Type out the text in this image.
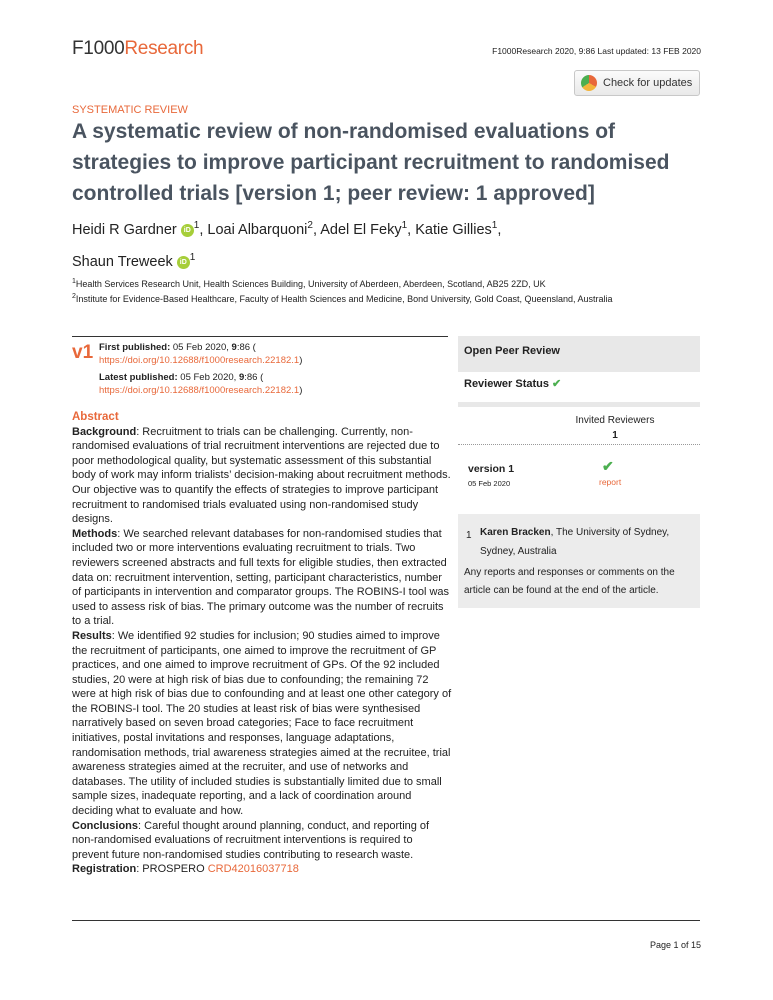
F1000Research	F1000Research 2020, 9:86 Last updated: 13 FEB 2020
Check for updates
SYSTEMATIC REVIEW
A systematic review of non-randomised evaluations of strategies to improve participant recruitment to randomised controlled trials [version 1; peer review: 1 approved]
Heidi R Gardner iD $^1$, Loai Albarquoni$^2$, Adel El Feky$^1$, Katie Gillies$^1$,
Shaun Treweek iD $^1$
$^1$Health Services Research Unit, Health Sciences Building, University of Aberdeen, Aberdeen, Scotland, AB25 2ZD, UK
$^2$Institute for Evidence-Based Healthcare, Faculty of Health Sciences and Medicine, Bond University, Gold Coast, Queensland, Australia
v1 First published: 05 Feb 2020, 9:86 (
https://doi.org/10.12688/f1000research.22182.1)
Latest published: 05 Feb 2020, 9:86 (
https://doi.org/10.12688/f1000research.22182.1)
Abstract

Background: Recruitment to trials can be challenging. Currently, non-randomised evaluations of trial recruitment interventions are rejected due to poor methodological quality, but systematic assessment of this substantial body of work may inform trialists’ decision-making about recruitment methods. Our objective was to quantify the effects of strategies to improve participant recruitment to randomised trials evaluated using non-randomised study designs.

Methods: We searched relevant databases for non-randomised studies that included two or more interventions evaluating recruitment to trials. Two reviewers screened abstracts and full texts for eligible studies, then extracted data on: recruitment intervention, setting, participant characteristics, number of participants in intervention and comparator groups. The ROBINS-I tool was used to assess risk of bias. The primary outcome was the number of recruits to a trial.

Results: We identified 92 studies for inclusion; 90 studies aimed to improve the recruitment of participants, one aimed to improve the recruitment of GP practices, and one aimed to improve recruitment of GPs. Of the 92 included studies, 20 were at high risk of bias due to confounding; the remaining 72 were at high risk of bias due to confounding and at least one other category of the ROBINS-I tool. The 20 studies at least risk of bias were synthesised narratively based on seven broad categories; Face to face recruitment initiatives, postal invitations and responses, language adaptations, randomisation methods, trial awareness strategies aimed at the recruitee, trial awareness strategies aimed at the recruiter, and use of networks and databases. The utility of included studies is substantially limited due to small sample sizes, inadequate reporting, and a lack of coordination around deciding what to evaluate and how.

Conclusions: Careful thought around planning, conduct, and reporting of non-randomised evaluations of recruitment interventions is required to prevent future non-randomised studies contributing to research waste.

Registration: PROSPERO CRD42016037718

Open Peer Review
Reviewer Status ✔
Invited Reviewers
1
version 1
05 Feb 2020
✔
report
1 Karen Bracken, The University of Sydney, Sydney, Australia
Any reports and responses or comments on the article can be found at the end of the article.
Page 1 of 15
